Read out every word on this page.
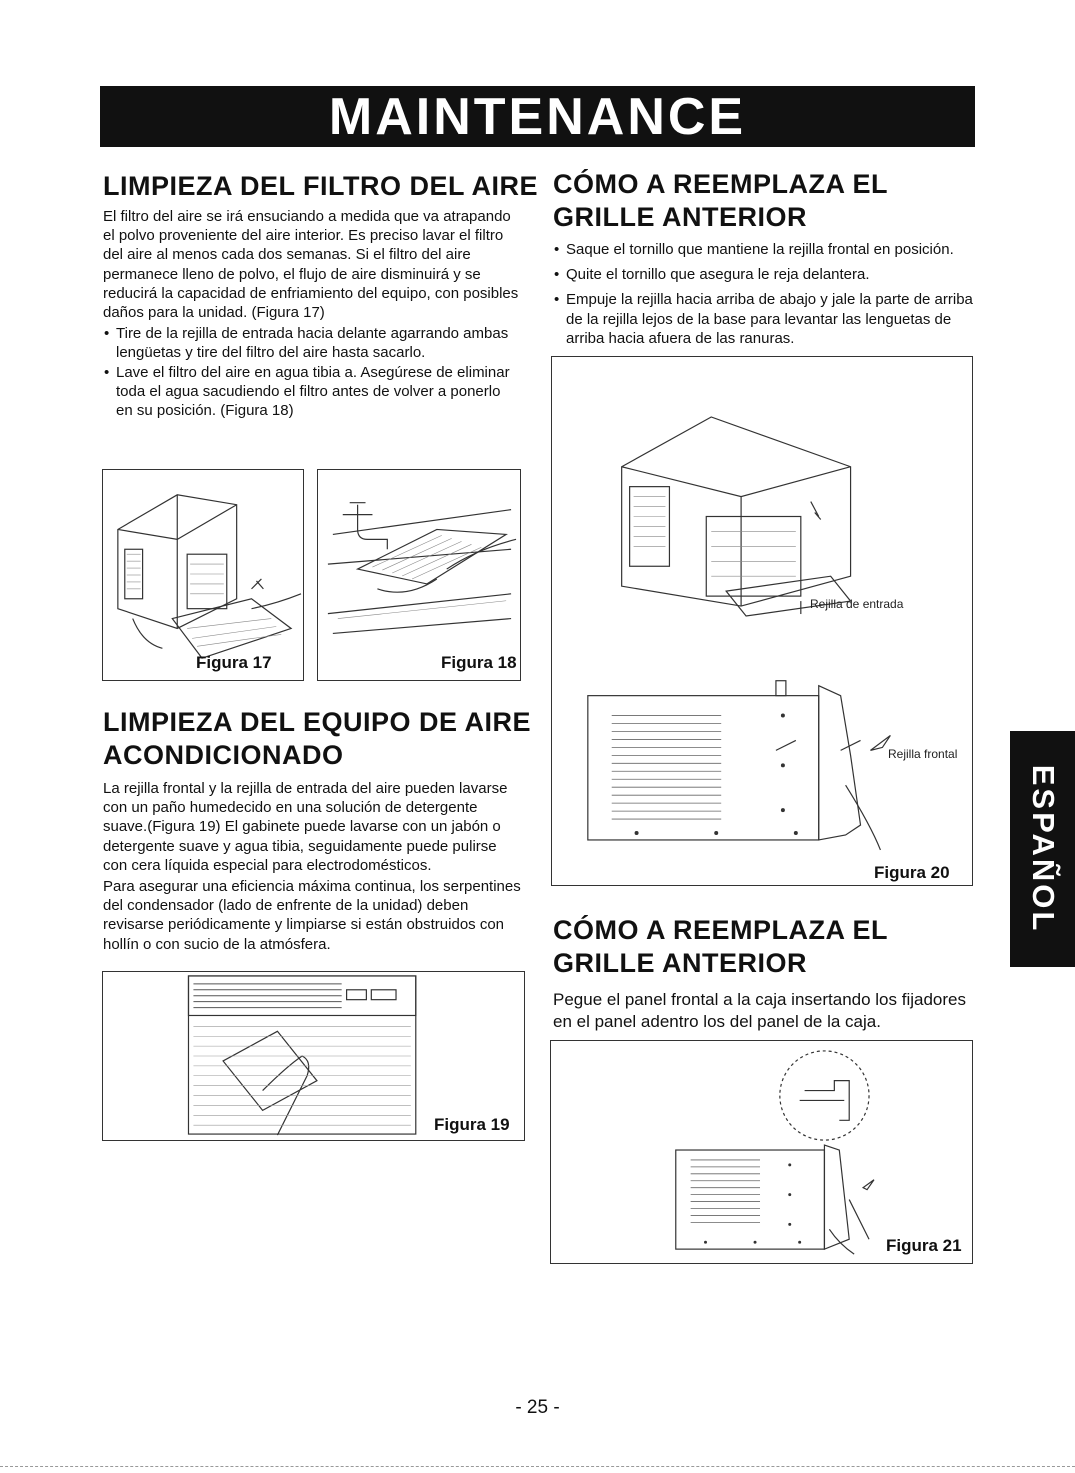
MAINTENANCE
LIMPIEZA DEL FILTRO DEL AIRE

El filtro del aire se irá ensuciando a medida que va atrapando el polvo proveniente del aire interior. Es preciso lavar el filtro del aire al menos cada dos semanas. Si el filtro del aire permanece lleno de polvo, el flujo de aire disminuirá y se reducirá la capacidad de enfriamiento del equipo, con posibles daños para la unidad. (Figura 17)

• Tire de la rejilla de entrada hacia delante agarrando ambas lengüetas y tire del filtro del aire hasta sacarlo.
• Lave el filtro del aire en agua tibia a. Asegúrese de eliminar toda el agua sacudiendo el filtro antes de volver a ponerlo en su posición. (Figura 18)
Figura 17	Figura 18
LIMPIEZA DEL EQUIPO DE AIRE
ACONDICIONADO

La rejilla frontal y la rejilla de entrada del aire pueden lavarse con un paño humedecido en una solución de detergente suave.(Figura 19) El gabinete puede lavarse con un jabón o detergente suave y agua tibia, seguidamente puede pulirse con cera líquida especial para electrodomésticos.

Para asegurar una eficiencia máxima continua, los serpentines del condensador (lado de enfrente de la unidad) deben revisarse periódicamente y limpiarse si están obstruidos con hollín o con sucio de la atmósfera.

Figura 19
CÓMO A REEMPLAZA EL
GRILLE ANTERIOR
• Saque el tornillo que mantiene la rejilla frontal en posición.
• Quite el tornillo que asegura le reja delantera.
• Empuje la rejilla hacia arriba de abajo y jale la parte de arriba de la rejilla lejos de la base para levantar las lenguetas de arriba hacia afuera de las ranuras.
Rejilla de entrada
Rejilla frontal
Figura 20
CÓMO A REEMPLAZA EL
GRILLE ANTERIOR

Pegue el panel frontal a la caja insertando los fijadores en el panel adentro los del panel de la caja.

Figura 21
ESPAÑOL
- 25 -
